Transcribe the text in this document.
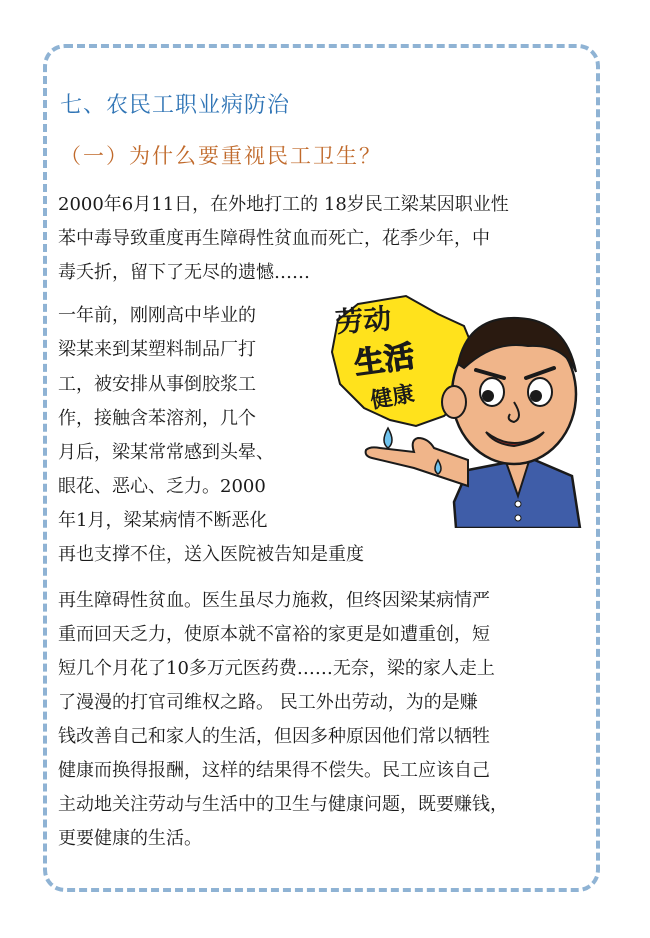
七、农民工职业病防治
（一）为什么要重视民工卫生？
2000年6月11日，在外地打工的 18岁民工梁某因职业性
苯中毒导致重度再生障碍性贫血而死亡，花季少年，中
毒夭折，留下了无尽的遗憾……
一年前，刚刚高中毕业的
梁某来到某塑料制品厂打
工，被安排从事倒胶浆工
作，接触含苯溶剂，几个
月后，梁某常常感到头晕、
眼花、恶心、乏力。2000
年1月，梁某病情不断恶化
再也支撑不住，送入医院被告知是重度
再生障碍性贫血。医生虽尽力施救，但终因梁某病情严
重而回天乏力，使原本就不富裕的家更是如遭重创，短
短几个月花了10多万元医药费……无奈，梁的家人走上
了漫漫的打官司维权之路。 民工外出劳动，为的是赚
钱改善自己和家人的生活，但因多种原因他们常以牺牲
健康而换得报酬，这样的结果得不偿失。民工应该自己
主动地关注劳动与生活中的卫生与健康问题，既要赚钱，
更要健康的生活。
劳动
生活
健康
